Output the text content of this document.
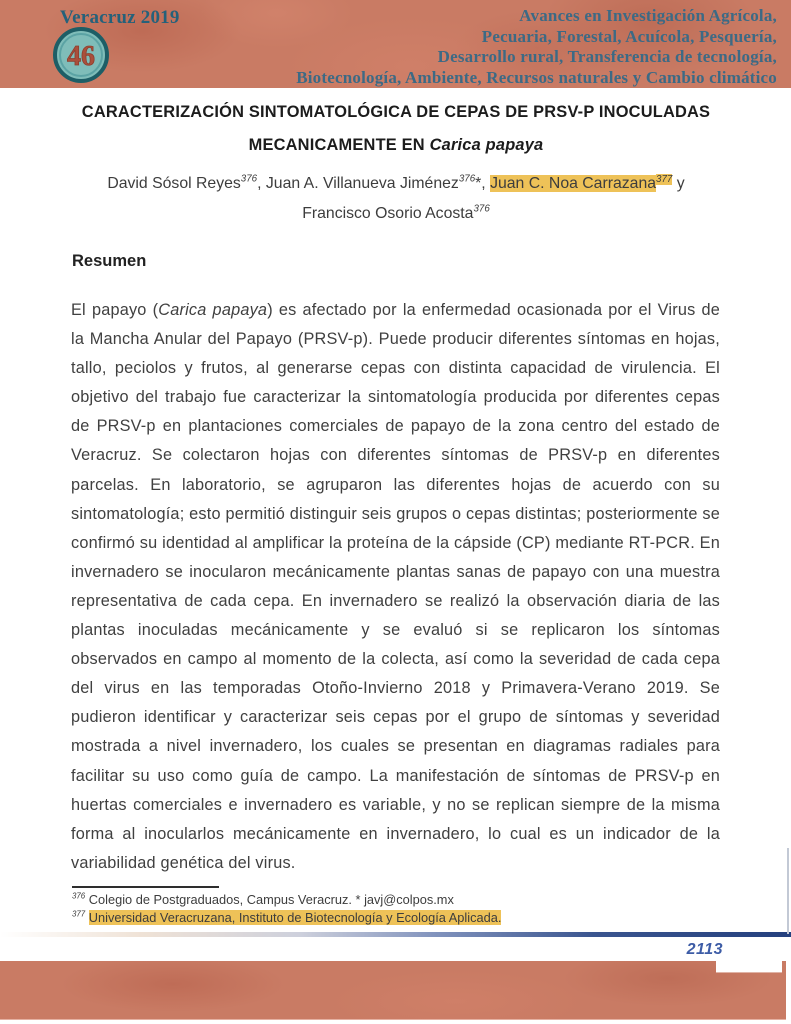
Veracruz 2019
46
Avances en Investigación Agrícola,
Pecuaria, Forestal, Acuícola, Pesquería,
Desarrollo rural, Transferencia de tecnología,
Biotecnología, Ambiente, Recursos naturales y Cambio climático
CARACTERIZACIÓN SINTOMATOLÓGICA DE CEPAS DE PRSV-P INOCULADAS
MECANICAMENTE EN Carica papaya
David Sósol Reyes$^{376}$, Juan A. Villanueva Jiménez$^{376}$*, Juan C. Noa Carrazana$^{377}$ y Francisco Osorio Acosta$^{376}$
Resumen

El papayo (Carica papaya) es afectado por la enfermedad ocasionada por el Virus de la Mancha Anular del Papayo (PRSV-p). Puede producir diferentes síntomas en hojas, tallo, peciolos y frutos, al generarse cepas con distinta capacidad de virulencia. El objetivo del trabajo fue caracterizar la sintomatología producida por diferentes cepas de PRSV-p en plantaciones comerciales de papayo de la zona centro del estado de Veracruz. Se colectaron hojas con diferentes síntomas de PRSV-p en diferentes parcelas. En laboratorio, se agruparon las diferentes hojas de acuerdo con su sintomatología; esto permitió distinguir seis grupos o cepas distintas; posteriormente se confirmó su identidad al amplificar la proteína de la cápside (CP) mediante RT-PCR. En invernadero se inocularon mecánicamente plantas sanas de papayo con una muestra representativa de cada cepa. En invernadero se realizó la observación diaria de las plantas inoculadas mecánicamente y se evaluó si se replicaron los síntomas observados en campo al momento de la colecta, así como la severidad de cada cepa del virus en las temporadas Otoño-Invierno 2018 y Primavera-Verano 2019. Se pudieron identificar y caracterizar seis cepas por el grupo de síntomas y severidad mostrada a nivel invernadero, los cuales se presentan en diagramas radiales para facilitar su uso como guía de campo. La manifestación de síntomas de PRSV-p en huertas comerciales e invernadero es variable, y no se replican siempre de la misma forma al inocularlos mecánicamente en invernadero, lo cual es un indicador de la variabilidad genética del virus.

$^{376}$ Colegio de Postgraduados, Campus Veracruz. * javj@colpos.mx
$^{377}$ Universidad Veracruzana, Instituto de Biotecnología y Ecología Aplicada.
2113
